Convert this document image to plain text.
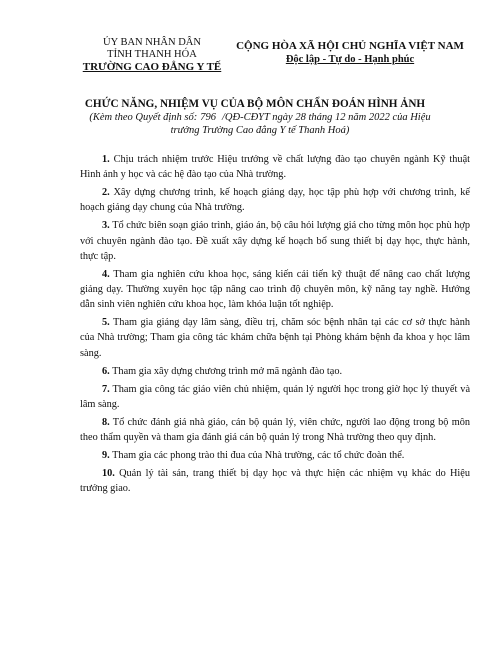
ỦY BAN NHÂN DÂN
TỈNH THANH HÓA
TRƯỜNG CAO ĐẲNG Y TẾ
CỘNG HÒA XÃ HỘI CHỦ NGHĨA VIỆT NAM
Độc lập - Tự do - Hạnh phúc
CHỨC NĂNG, NHIỆM VỤ CỦA BỘ MÔN CHẨN ĐOÁN HÌNH ẢNH
(Kèm theo Quyết định số: 796 /QĐ-CĐYT ngày 28 tháng 12 năm 2022 của Hiệu
trưởng Trường Cao đẳng Y tế Thanh Hoá)

1. Chịu trách nhiệm trước Hiệu trưởng về chất lượng đào tạo chuyên ngành Kỹ thuật Hình ảnh y học và các hệ đào tạo của Nhà trường.

2. Xây dựng chương trình, kế hoạch giảng dạy, học tập phù hợp với chương trình, kế hoạch giảng dạy chung của Nhà trường.

3. Tổ chức biên soạn giáo trình, giáo án, bộ câu hỏi lượng giá cho từng môn học phù hợp với chuyên ngành đào tạo. Đề xuất xây dựng kế hoạch bổ sung thiết bị dạy học, thực hành, thực tập.

4. Tham gia nghiên cứu khoa học, sáng kiến cải tiến kỹ thuật để nâng cao chất lượng giảng dạy. Thường xuyên học tập nâng cao trình độ chuyên môn, kỹ năng tay nghề. Hướng dẫn sinh viên nghiên cứu khoa học, làm khóa luận tốt nghiệp.

5. Tham gia giảng dạy lâm sàng, điều trị, chăm sóc bệnh nhân tại các cơ sở thực hành của Nhà trường; Tham gia công tác khám chữa bệnh tại Phòng khám bệnh đa khoa y học lâm sàng.

6. Tham gia xây dựng chương trình mở mã ngành đào tạo.

7. Tham gia công tác giáo viên chủ nhiệm, quản lý người học trong giờ học lý thuyết và lâm sàng.

8. Tổ chức đánh giá nhà giáo, cán bộ quản lý, viên chức, người lao động trong bộ môn theo thẩm quyền và tham gia đánh giá cán bộ quản lý trong Nhà trường theo quy định.

9. Tham gia các phong trào thi đua của Nhà trường, các tổ chức đoàn thể.

10. Quản lý tài sản, trang thiết bị dạy học và thực hiện các nhiệm vụ khác do Hiệu trưởng giao.
